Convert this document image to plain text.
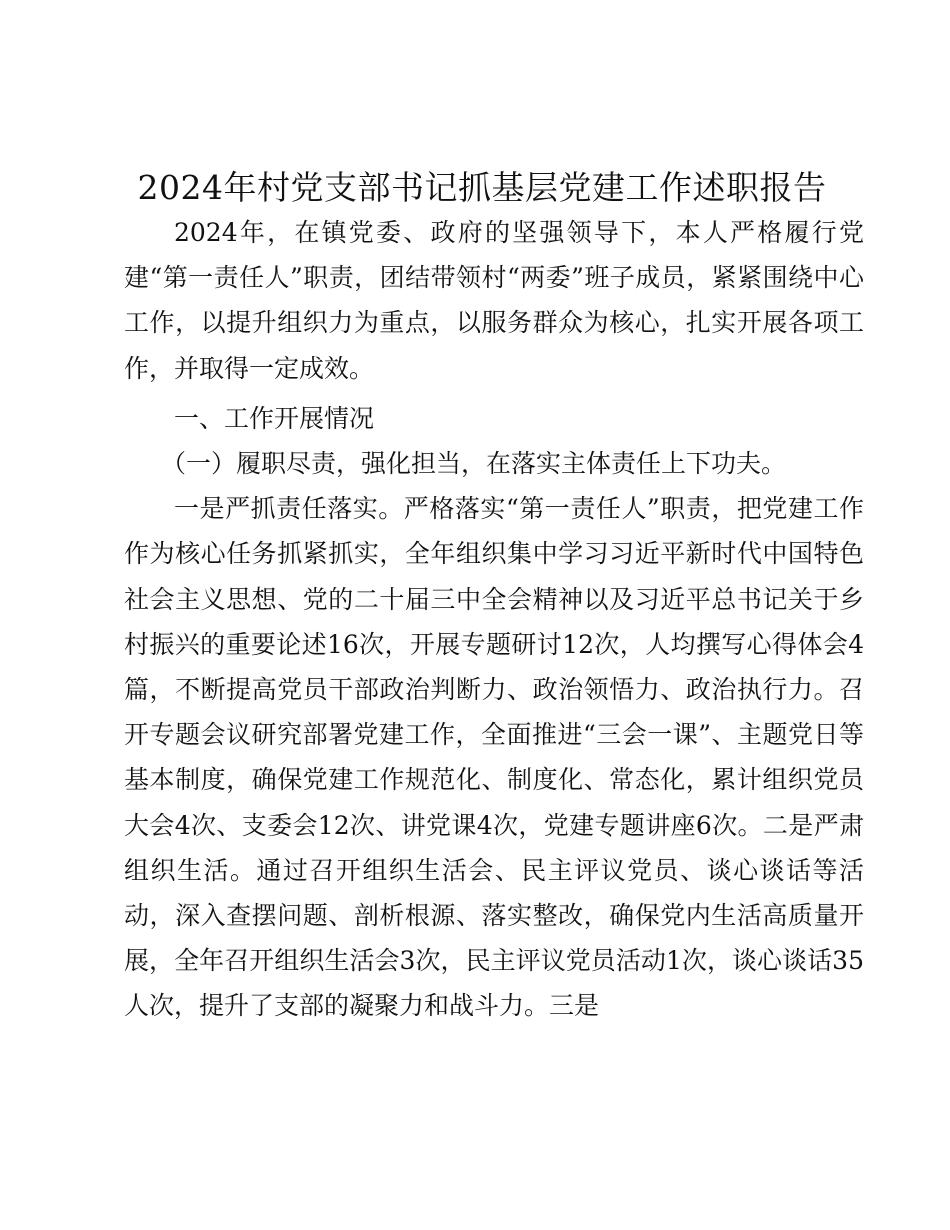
2024年村党支部书记抓基层党建工作述职报告

2024年，在镇党委、政府的坚强领导下，本人严格履行党建“第一责任人”职责，团结带领村“两委”班子成员，紧紧围绕中心工作，以提升组织力为重点，以服务群众为核心，扎实开展各项工作，并取得一定成效。

一、工作开展情况

（一）履职尽责，强化担当，在落实主体责任上下功夫。

一是严抓责任落实。严格落实“第一责任人”职责，把党建工作作为核心任务抓紧抓实，全年组织集中学习习近平新时代中国特色社会主义思想、党的二十届三中全会精神以及习近平总书记关于乡村振兴的重要论述16次，开展专题研讨12次，人均撰写心得体会4篇，不断提高党员干部政治判断力、政治领悟力、政治执行力。召开专题会议研究部署党建工作，全面推进“三会一课”、主题党日等基本制度，确保党建工作规范化、制度化、常态化，累计组织党员大会4次、支委会12次、讲党课4次，党建专题讲座6次。二是严肃组织生活。通过召开组织生活会、民主评议党员、谈心谈话等活动，深入查摆问题、剖析根源、落实整改，确保党内生活高质量开展，全年召开组织生活会3次，民主评议党员活动1次，谈心谈话35人次，提升了支部的凝聚力和战斗力。三是
